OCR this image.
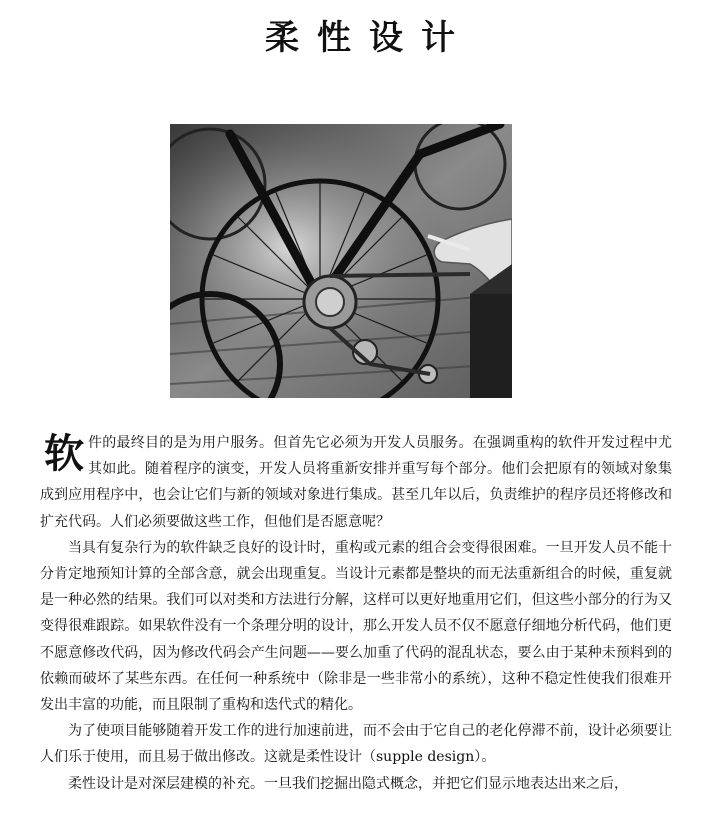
柔性设计

软件的最终目的是为用户服务。但首先它必须为开发人员服务。在强调重构的软件开发过程中尤其如此。随着程序的演变，开发人员将重新安排并重写每个部分。他们会把原有的领域对象集成到应用程序中，也会让它们与新的领域对象进行集成。甚至几年以后，负责维护的程序员还将修改和扩充代码。人们必须要做这些工作，但他们是否愿意呢？

当具有复杂行为的软件缺乏良好的设计时，重构或元素的组合会变得很困难。一旦开发人员不能十分肯定地预知计算的全部含意，就会出现重复。当设计元素都是整块的而无法重新组合的时候，重复就是一种必然的结果。我们可以对类和方法进行分解，这样可以更好地重用它们，但这些小部分的行为又变得很难跟踪。如果软件没有一个条理分明的设计，那么开发人员不仅不愿意仔细地分析代码，他们更不愿意修改代码，因为修改代码会产生问题——要么加重了代码的混乱状态，要么由于某种未预料到的依赖而破坏了某些东西。在任何一种系统中（除非是一些非常小的系统），这种不稳定性使我们很难开发出丰富的功能，而且限制了重构和迭代式的精化。

为了使项目能够随着开发工作的进行加速前进，而不会由于它自己的老化停滞不前，设计必须要让人们乐于使用，而且易于做出修改。这就是柔性设计（supple design）。

柔性设计是对深层建模的补充。一旦我们挖掘出隐式概念，并把它们显示地表达出来之后，
